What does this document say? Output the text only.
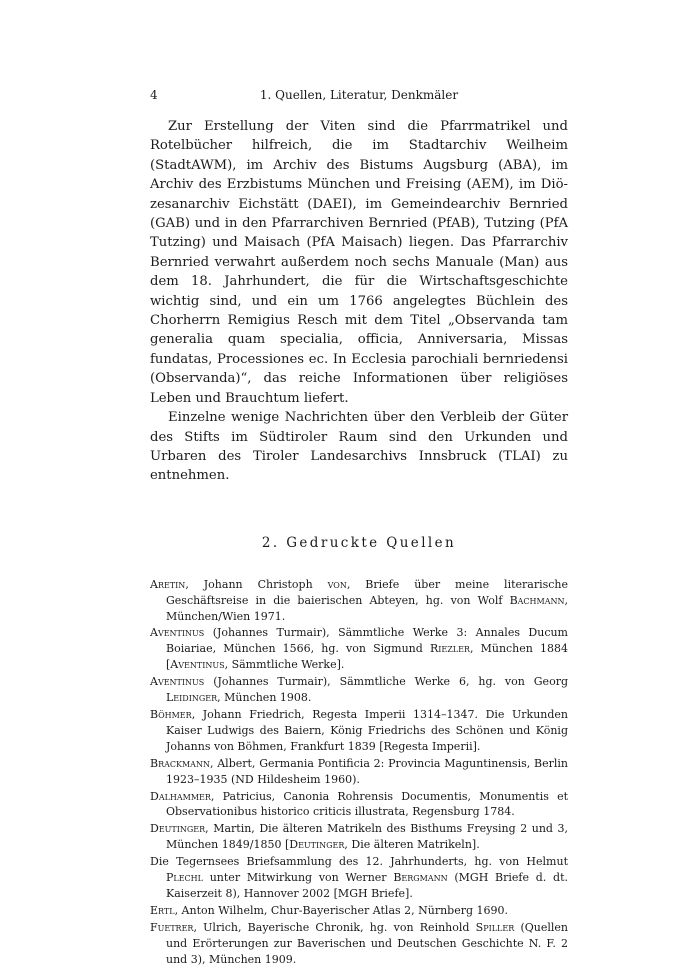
4	1. Quellen, Literatur, Denkmäler

Zur Erstellung der Viten sind die Pfarrmatrikel und Rotelbücher hilfreich, die im Stadtarchiv Weilheim (StadtAWM), im Archiv des Bistums Augsburg (ABA), im Archiv des Erzbistums München und Freising (AEM), im Diözesanarchiv Eichstätt (DAEI), im Gemeindearchiv Bernried (GAB) und in den Pfarrarchiven Bernried (PfAB), Tutzing (PfA Tutzing) und Maisach (PfA Maisach) liegen. Das Pfarrarchiv Bernried verwahrt außerdem noch sechs Manuale (Man) aus dem 18. Jahrhundert, die für die Wirtschaftsgeschichte wichtig sind, und ein um 1766 angelegtes Büchlein des Chorherrn Remigius Resch mit dem Titel „Observanda tam generalia quam specialia, officia, Anniversaria, Missas fundatas, Processiones ec. In Ecclesia parochiali bernriedensi (Observanda)“, das reiche Informationen über religiöses Leben und Brauchtum liefert.

Einzelne wenige Nachrichten über den Verbleib der Güter des Stifts im Südtiroler Raum sind den Urkunden und Urbaren des Tiroler Landesarchivs Innsbruck (TLAI) zu entnehmen.

2. Gedruckte Quellen

Aretin, Johann Christoph von, Briefe über meine literarische Geschäftsreise in die baierischen Abteyen, hg. von Wolf Bachmann, München/Wien 1971.

Aventinus (Johannes Turmair), Sämmtliche Werke 3: Annales Ducum Boiariae, München 1566, hg. von Sigmund Riezler, München 1884 [Aventinus, Sämmtliche Werke].

Aventinus (Johannes Turmair), Sämmtliche Werke 6, hg. von Georg Leidinger, München 1908.

Böhmer, Johann Friedrich, Regesta Imperii 1314–1347. Die Urkunden Kaiser Ludwigs des Baiern, König Friedrichs des Schönen und König Johanns von Böhmen, Frankfurt 1839 [Regesta Imperii].

Brackmann, Albert, Germania Pontificia 2: Provincia Maguntinensis, Berlin 1923–1935 (ND Hildesheim 1960).

Dalhammer, Patricius, Canonia Rohrensis Documentis, Monumentis et Observationibus historico criticis illustrata, Regensburg 1784.

Deutinger, Martin, Die älteren Matrikeln des Bisthums Freysing 2 und 3, München 1849/1850 [Deutinger, Die älteren Matrikeln].

Die Tegernsees Briefsammlung des 12. Jahrhunderts, hg. von Helmut Plechl unter Mitwirkung von Werner Bergmann (MGH Briefe d. dt. Kaiserzeit 8), Hannover 2002 [MGH Briefe].

Ertl, Anton Wilhelm, Chur-Bayerischer Atlas 2, Nürnberg 1690.

Fuetrer, Ulrich, Bayerische Chronik, hg. von Reinhold Spiller (Quellen und Erörterungen zur Baverischen und Deutschen Geschichte N. F. 2 und 3), München 1909.
